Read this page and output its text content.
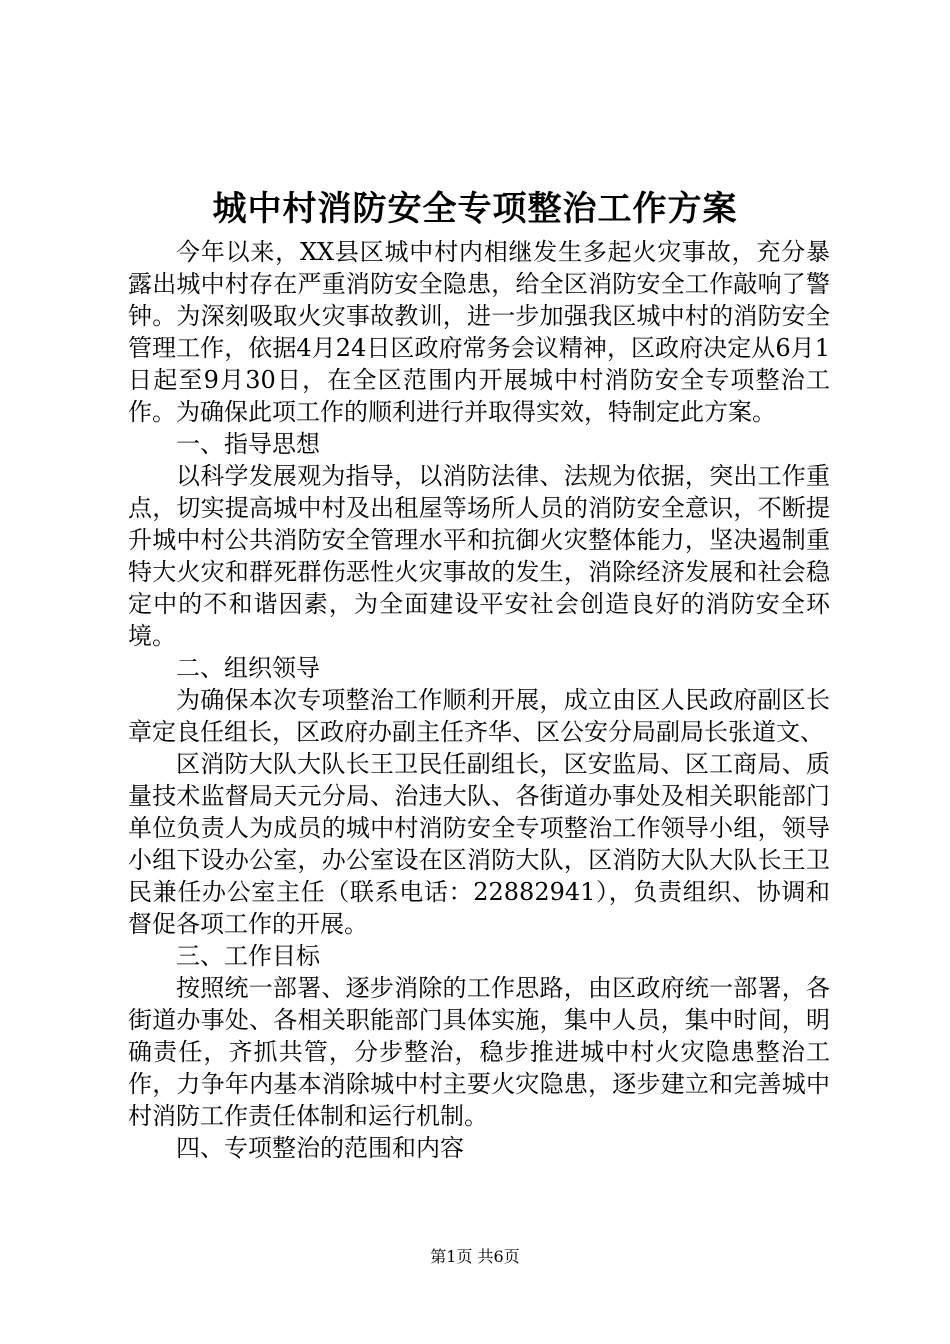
城中村消防安全专项整治工作方案

今年以来，XX县区城中村内相继发生多起火灾事故，充分暴露出城中村存在严重消防安全隐患，给全区消防安全工作敲响了警钟。为深刻吸取火灾事故教训，进一步加强我区城中村的消防安全管理工作，依据4月24日区政府常务会议精神，区政府决定从6月1日起至9月30日，在全区范围内开展城中村消防安全专项整治工作。为确保此项工作的顺利进行并取得实效，特制定此方案。

一、指导思想

以科学发展观为指导，以消防法律、法规为依据，突出工作重点，切实提高城中村及出租屋等场所人员的消防安全意识，不断提升城中村公共消防安全管理水平和抗御火灾整体能力，坚决遏制重特大火灾和群死群伤恶性火灾事故的发生，消除经济发展和社会稳定中的不和谐因素，为全面建设平安社会创造良好的消防安全环境。

二、组织领导

为确保本次专项整治工作顺利开展，成立由区人民政府副区长章定良任组长，区政府办副主任齐华、区公安分局副局长张道文、

区消防大队大队长王卫民任副组长，区安监局、区工商局、质量技术监督局天元分局、治违大队、各街道办事处及相关职能部门单位负责人为成员的城中村消防安全专项整治工作领导小组，领导小组下设办公室，办公室设在区消防大队，区消防大队大队长王卫民兼任办公室主任（联系电话：22882941），负责组织、协调和督促各项工作的开展。

三、工作目标

按照统一部署、逐步消除的工作思路，由区政府统一部署，各街道办事处、各相关职能部门具体实施，集中人员，集中时间，明确责任，齐抓共管，分步整治，稳步推进城中村火灾隐患整治工作，力争年内基本消除城中村主要火灾隐患，逐步建立和完善城中村消防工作责任体制和运行机制。

四、专项整治的范围和内容

第1页 共6页
